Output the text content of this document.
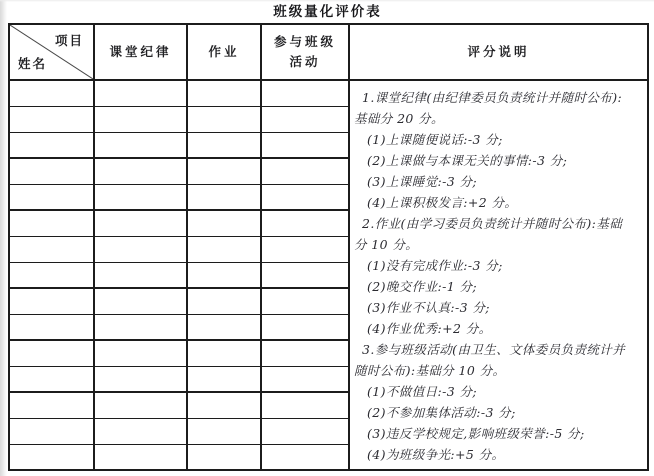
班级量化评价表
项目
姓名	课堂纪律	作业	参与班级活动	评分说明

1.课堂纪律(由纪律委员负责统计并随时公布):
基础分 20 分。
(1)上课随便说话:-3 分;
(2)上课做与本课无关的事情:-3 分;
(3)上课睡觉:-3 分;
(4)上课积极发言:+2 分。
2.作业(由学习委员负责统计并随时公布):基础
分 10 分。
(1)没有完成作业:-3 分;
(2)晚交作业:-1 分;
(3)作业不认真:-3 分;
(4)作业优秀:+2 分。
3.参与班级活动(由卫生、文体委员负责统计并
随时公布):基础分 10 分。
(1)不做值日:-3 分;
(2)不参加集体活动:-3 分;
(3)违反学校规定,影响班级荣誉:-5 分;
(4)为班级争光:+5 分。
